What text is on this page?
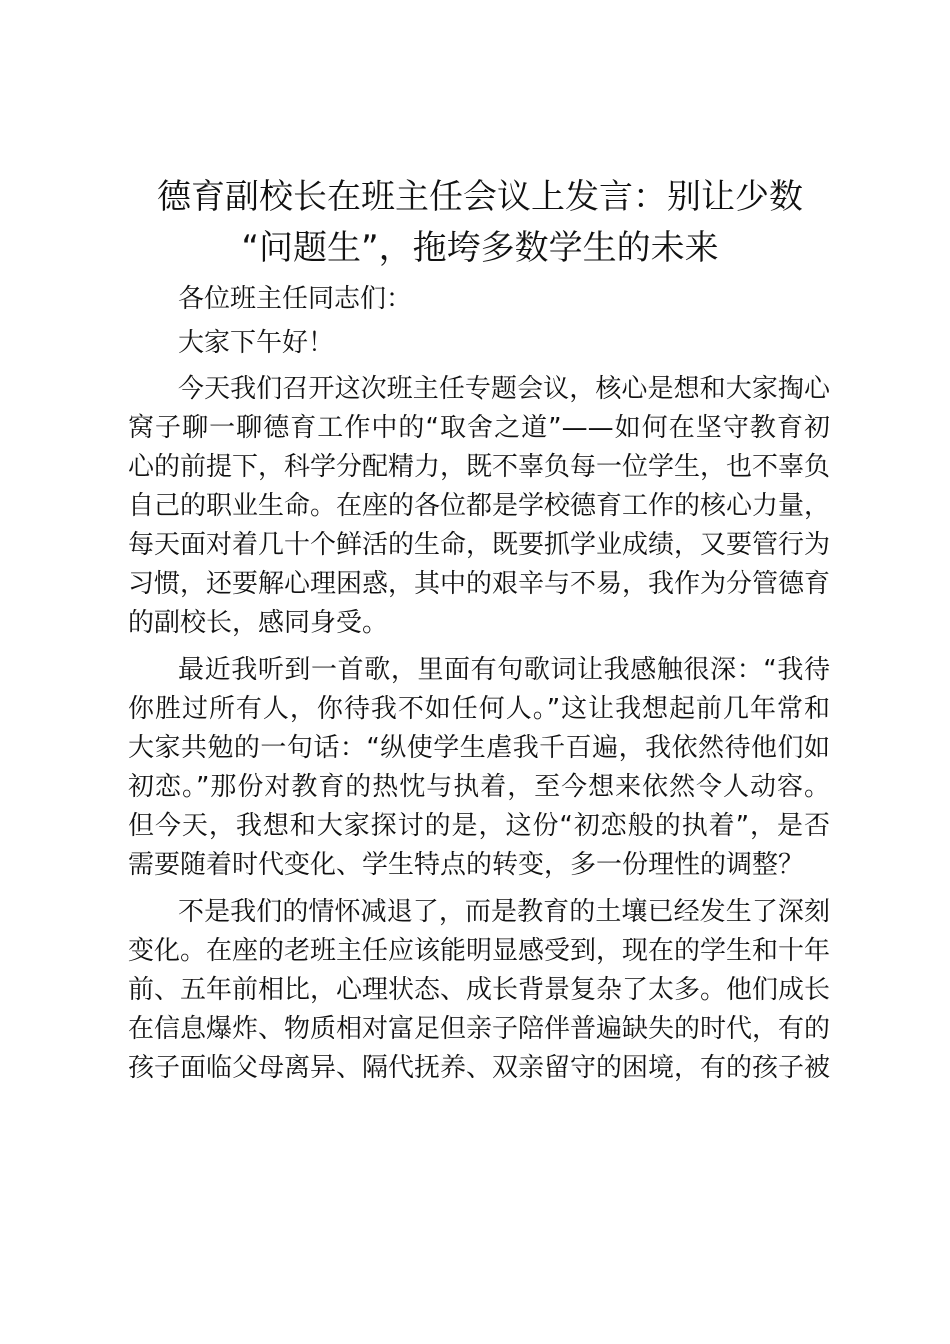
德育副校长在班主任会议上发言：别让少数
“问题生”，拖垮多数学生的未来

各位班主任同志们：

大家下午好！

今天我们召开这次班主任专题会议，核心是想和大家掏心
窝子聊一聊德育工作中的“取舍之道”——如何在坚守教育初
心的前提下，科学分配精力，既不辜负每一位学生，也不辜负
自己的职业生命。在座的各位都是学校德育工作的核心力量，
每天面对着几十个鲜活的生命，既要抓学业成绩，又要管行为
习惯，还要解心理困惑，其中的艰辛与不易，我作为分管德育
的副校长，感同身受。

最近我听到一首歌，里面有句歌词让我感触很深：“我待
你胜过所有人，你待我不如任何人。”这让我想起前几年常和
大家共勉的一句话：“纵使学生虐我千百遍，我依然待他们如
初恋。”那份对教育的热忱与执着，至今想来依然令人动容。
但今天，我想和大家探讨的是，这份“初恋般的执着”，是否
需要随着时代变化、学生特点的转变，多一份理性的调整？

不是我们的情怀减退了，而是教育的土壤已经发生了深刻
变化。在座的老班主任应该能明显感受到，现在的学生和十年
前、五年前相比，心理状态、成长背景复杂了太多。他们成长
在信息爆炸、物质相对富足但亲子陪伴普遍缺失的时代，有的
孩子面临父母离异、隔代抚养、双亲留守的困境，有的孩子被
